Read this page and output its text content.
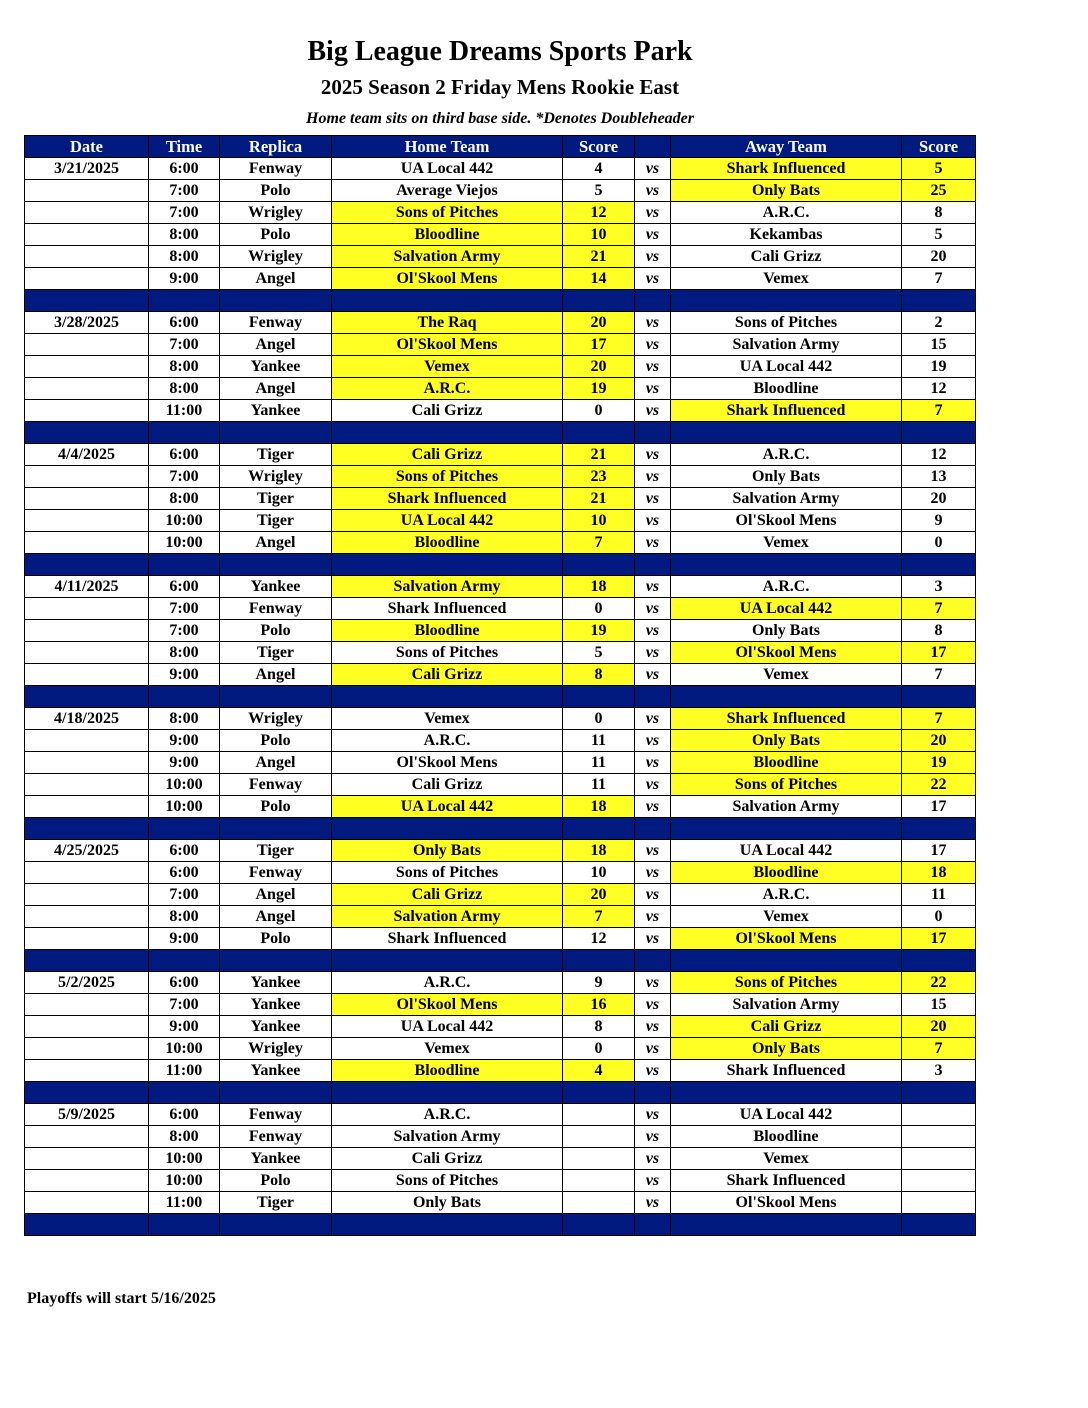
Big League Dreams Sports Park
2025 Season 2 Friday Mens Rookie East
Home team sits on third base side. *Denotes Doubleheader
Date	Time	Replica	Home Team	Score		Away Team	Score
3/21/2025	6:00	Fenway	UA Local 442	4	vs	Shark Influenced	5
	7:00	Polo	Average Viejos	5	vs	Only Bats	25
	7:00	Wrigley	Sons of Pitches	12	vs	A.R.C.	8
	8:00	Polo	Bloodline	10	vs	Kekambas	5
	8:00	Wrigley	Salvation Army	21	vs	Cali Grizz	20
	9:00	Angel	Ol'Skool Mens	14	vs	Vemex	7

3/28/2025	6:00	Fenway	The Raq	20	vs	Sons of Pitches	2
	7:00	Angel	Ol'Skool Mens	17	vs	Salvation Army	15
	8:00	Yankee	Vemex	20	vs	UA Local 442	19
	8:00	Angel	A.R.C.	19	vs	Bloodline	12
	11:00	Yankee	Cali Grizz	0	vs	Shark Influenced	7

4/4/2025	6:00	Tiger	Cali Grizz	21	vs	A.R.C.	12
	7:00	Wrigley	Sons of Pitches	23	vs	Only Bats	13
	8:00	Tiger	Shark Influenced	21	vs	Salvation Army	20
	10:00	Tiger	UA Local 442	10	vs	Ol'Skool Mens	9
	10:00	Angel	Bloodline	7	vs	Vemex	0

4/11/2025	6:00	Yankee	Salvation Army	18	vs	A.R.C.	3
	7:00	Fenway	Shark Influenced	0	vs	UA Local 442	7
	7:00	Polo	Bloodline	19	vs	Only Bats	8
	8:00	Tiger	Sons of Pitches	5	vs	Ol'Skool Mens	17
	9:00	Angel	Cali Grizz	8	vs	Vemex	7

4/18/2025	8:00	Wrigley	Vemex	0	vs	Shark Influenced	7
	9:00	Polo	A.R.C.	11	vs	Only Bats	20
	9:00	Angel	Ol'Skool Mens	11	vs	Bloodline	19
	10:00	Fenway	Cali Grizz	11	vs	Sons of Pitches	22
	10:00	Polo	UA Local 442	18	vs	Salvation Army	17

4/25/2025	6:00	Tiger	Only Bats	18	vs	UA Local 442	17
	6:00	Fenway	Sons of Pitches	10	vs	Bloodline	18
	7:00	Angel	Cali Grizz	20	vs	A.R.C.	11
	8:00	Angel	Salvation Army	7	vs	Vemex	0
	9:00	Polo	Shark Influenced	12	vs	Ol'Skool Mens	17

5/2/2025	6:00	Yankee	A.R.C.	9	vs	Sons of Pitches	22
	7:00	Yankee	Ol'Skool Mens	16	vs	Salvation Army	15
	9:00	Yankee	UA Local 442	8	vs	Cali Grizz	20
	10:00	Wrigley	Vemex	0	vs	Only Bats	7
	11:00	Yankee	Bloodline	4	vs	Shark Influenced	3

5/9/2025	6:00	Fenway	A.R.C.		vs	UA Local 442	
	8:00	Fenway	Salvation Army		vs	Bloodline	
	10:00	Yankee	Cali Grizz		vs	Vemex	
	10:00	Polo	Sons of Pitches		vs	Shark Influenced	
	11:00	Tiger	Only Bats		vs	Ol'Skool Mens	

Playoffs will start 5/16/2025
